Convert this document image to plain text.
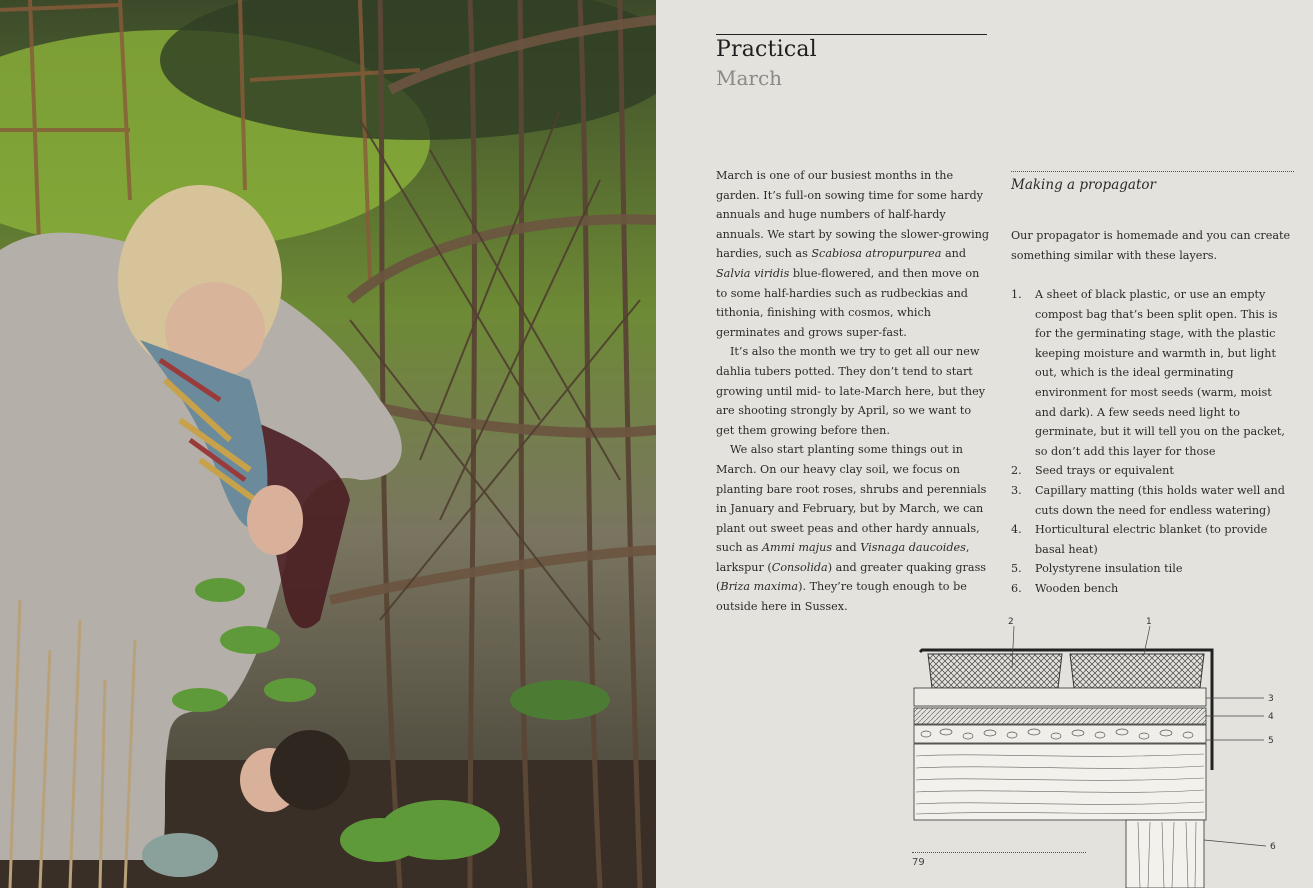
Practical
March

March is one of our busiest months in the garden. It’s full-on sowing time for some hardy annuals and huge numbers of half-hardy annuals. We start by sowing the slower-growing hardies, such as Scabiosa atropurpurea and Salvia viridis blue-flowered, and then move on to some half-hardies such as rudbeckias and tithonia, finishing with cosmos, which germinates and grows super-fast.

It’s also the month we try to get all our new dahlia tubers potted. They don’t tend to start growing until mid- to late-March here, but they are shooting strongly by April, so we want to get them growing before then.

We also start planting some things out in March. On our heavy clay soil, we focus on planting bare root roses, shrubs and perennials in January and February, but by March, we can plant out sweet peas and other hardy annuals, such as Ammi majus and Visnaga daucoides, larkspur (Consolida) and greater quaking grass (Briza maxima). They’re tough enough to be outside here in Sussex.

Making a propagator
Our propagator is homemade and you can create something similar with these layers.
1.	A sheet of black plastic, or use an empty compost bag that’s been split open. This is for the germinating stage, with the plastic keeping moisture and warmth in, but light out, which is the ideal germinating environment for most seeds (warm, moist and dark). A few seeds need light to germinate, but it will tell you on the packet, so don’t add this layer for those
2.	Seed trays or equivalent
3.	Capillary matting (this holds water well and cuts down the need for endless watering)
4.	Horticultural electric blanket (to provide basal heat)
5.	Polystyrene insulation tile
6.	Wooden bench
2	1
3
4
5
6
79
